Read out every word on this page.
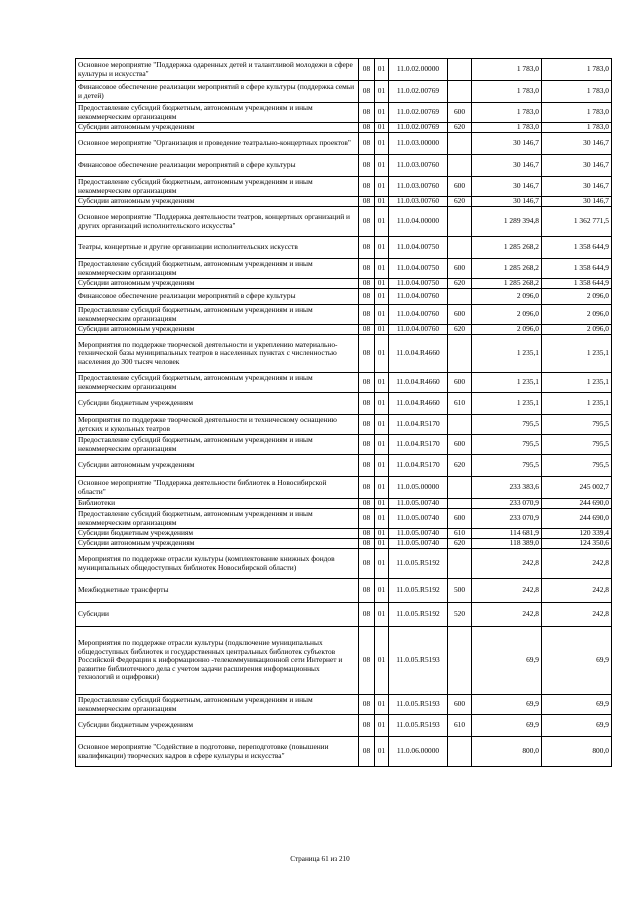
Основное мероприятие "Поддержка одаренных детей и талантливой молодежи в сфере культуры и искусства"	08	01	11.0.02.00000		1 783,0	1 783,0
Финансовое обеспечение реализации мероприятий в сфере культуры (поддержка семьи и детей)	08	01	11.0.02.00769		1 783,0	1 783,0
Предоставление субсидий бюджетным, автономным учреждениям и иным некоммерческим организациям	08	01	11.0.02.00769	600	1 783,0	1 783,0
Субсидии автономным учреждениям	08	01	11.0.02.00769	620	1 783,0	1 783,0
Основное мероприятие "Организация и проведение театрально-концертных проектов"	08	01	11.0.03.00000		30 146,7	30 146,7
Финансовое обеспечение реализации мероприятий в сфере культуры	08	01	11.0.03.00760		30 146,7	30 146,7
Предоставление субсидий бюджетным, автономным учреждениям и иным некоммерческим организациям	08	01	11.0.03.00760	600	30 146,7	30 146,7
Субсидии автономным учреждениям	08	01	11.0.03.00760	620	30 146,7	30 146,7
Основное мероприятие "Поддержка деятельности театров, концертных организаций и других организаций исполнительского искусства"	08	01	11.0.04.00000		1 289 394,8	1 362 771,5
Театры, концертные и другие организации исполнительских искусств	08	01	11.0.04.00750		1 285 268,2	1 358 644,9
Предоставление субсидий бюджетным, автономным учреждениям и иным некоммерческим организациям	08	01	11.0.04.00750	600	1 285 268,2	1 358 644,9
Субсидии автономным учреждениям	08	01	11.0.04.00750	620	1 285 268,2	1 358 644,9
Финансовое обеспечение реализации мероприятий в сфере культуры	08	01	11.0.04.00760		2 096,0	2 096,0
Предоставление субсидий бюджетным, автономным учреждениям и иным некоммерческим организациям	08	01	11.0.04.00760	600	2 096,0	2 096,0
Субсидии автономным учреждениям	08	01	11.0.04.00760	620	2 096,0	2 096,0
Мероприятия по поддержке творческой деятельности и укреплению материально-технической базы муниципальных театров в населенных пунктах с численностью населения до 300 тысяч человек	08	01	11.0.04.R4660		1 235,1	1 235,1
Предоставление субсидий бюджетным, автономным учреждениям и иным некоммерческим организациям	08	01	11.0.04.R4660	600	1 235,1	1 235,1
Субсидии бюджетным учреждениям	08	01	11.0.04.R4660	610	1 235,1	1 235,1
Мероприятия по поддержке творческой деятельности и техническому оснащению детских и кукольных театров	08	01	11.0.04.R5170		795,5	795,5
Предоставление субсидий бюджетным, автономным учреждениям и иным некоммерческим организациям	08	01	11.0.04.R5170	600	795,5	795,5
Субсидии автономным учреждениям	08	01	11.0.04.R5170	620	795,5	795,5
Основное мероприятие "Поддержка деятельности библиотек в Новосибирской области"	08	01	11.0.05.00000		233 383,6	245 002,7
Библиотеки	08	01	11.0.05.00740		233 070,9	244 690,0
Предоставление субсидий бюджетным, автономным учреждениям и иным некоммерческим организациям	08	01	11.0.05.00740	600	233 070,9	244 690,0
Субсидии бюджетным учреждениям	08	01	11.0.05.00740	610	114 681,9	120 339,4
Субсидии автономным учреждениям	08	01	11.0.05.00740	620	118 389,0	124 350,6
Мероприятия по поддержке отрасли культуры (комплектование книжных фондов муниципальных общедоступных библиотек Новосибирской области)	08	01	11.0.05.R5192		242,8	242,8
Межбюджетные трансферты	08	01	11.0.05.R5192	500	242,8	242,8
Субсидии	08	01	11.0.05.R5192	520	242,8	242,8
Мероприятия по поддержке отрасли культуры (подключение муниципальных общедоступных библиотек и государственных центральных библиотек субъектов Российской Федерации к информационно -телекоммуникационной сети Интернет и развитие библиотечного дела с учетом задачи расширения информационных технологий и оцифровки)	08	01	11.0.05.R5193		69,9	69,9
Предоставление субсидий бюджетным, автономным учреждениям и иным некоммерческим организациям	08	01	11.0.05.R5193	600	69,9	69,9
Субсидии бюджетным учреждениям	08	01	11.0.05.R5193	610	69,9	69,9
Основное мероприятие "Содействие в подготовке, переподготовке (повышении квалификации) творческих кадров в сфере культуры и искусства"	08	01	11.0.06.00000		800,0	800,0
Страница 61 из 210
